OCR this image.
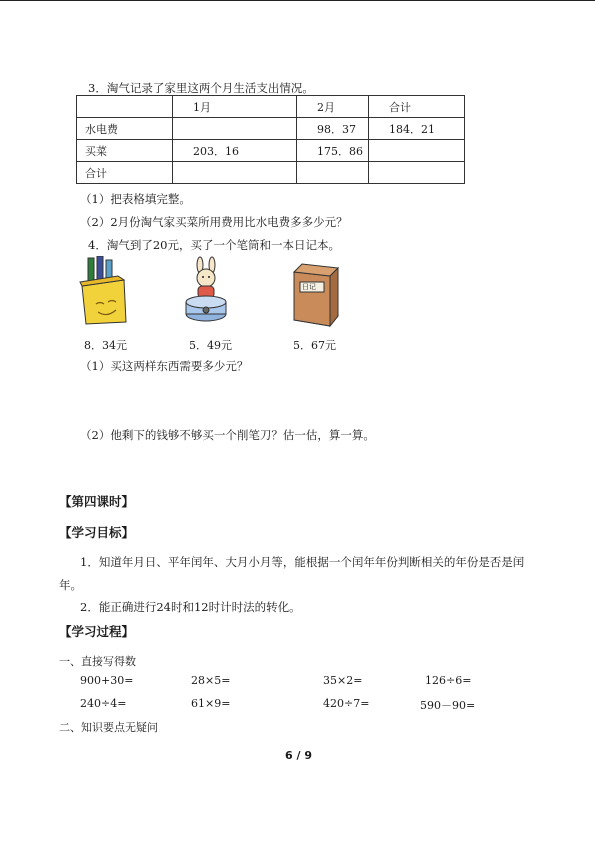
3．淘气记录了家里这两个月生活支出情况。
	1月	2月	合计
水电费		98．37	184．21
买菜	203．16	175．86	
合计			
（1）把表格填完整。
（2）2月份淘气家买菜所用费用比水电费多多少元？
4．淘气到了20元，买了一个笔筒和一本日记本。
日记
8．34元	5．49元	5．67元
（1）买这两样东西需要多少元？
（2）他剩下的钱够不够买一个削笔刀？估一估，算一算。
【第四课时】
【学习目标】
1．知道年月日、平年闰年、大月小月等，能根据一个闰年年份判断相关的年份是否是闰
年。
2．能正确进行24时和12时计时法的转化。
【学习过程】
一、直接写得数
900+30=	28×5=	35×2=	126÷6=
240÷4=	61×9=	420÷7=	590－90=
二、知识要点无疑问
6 / 9
